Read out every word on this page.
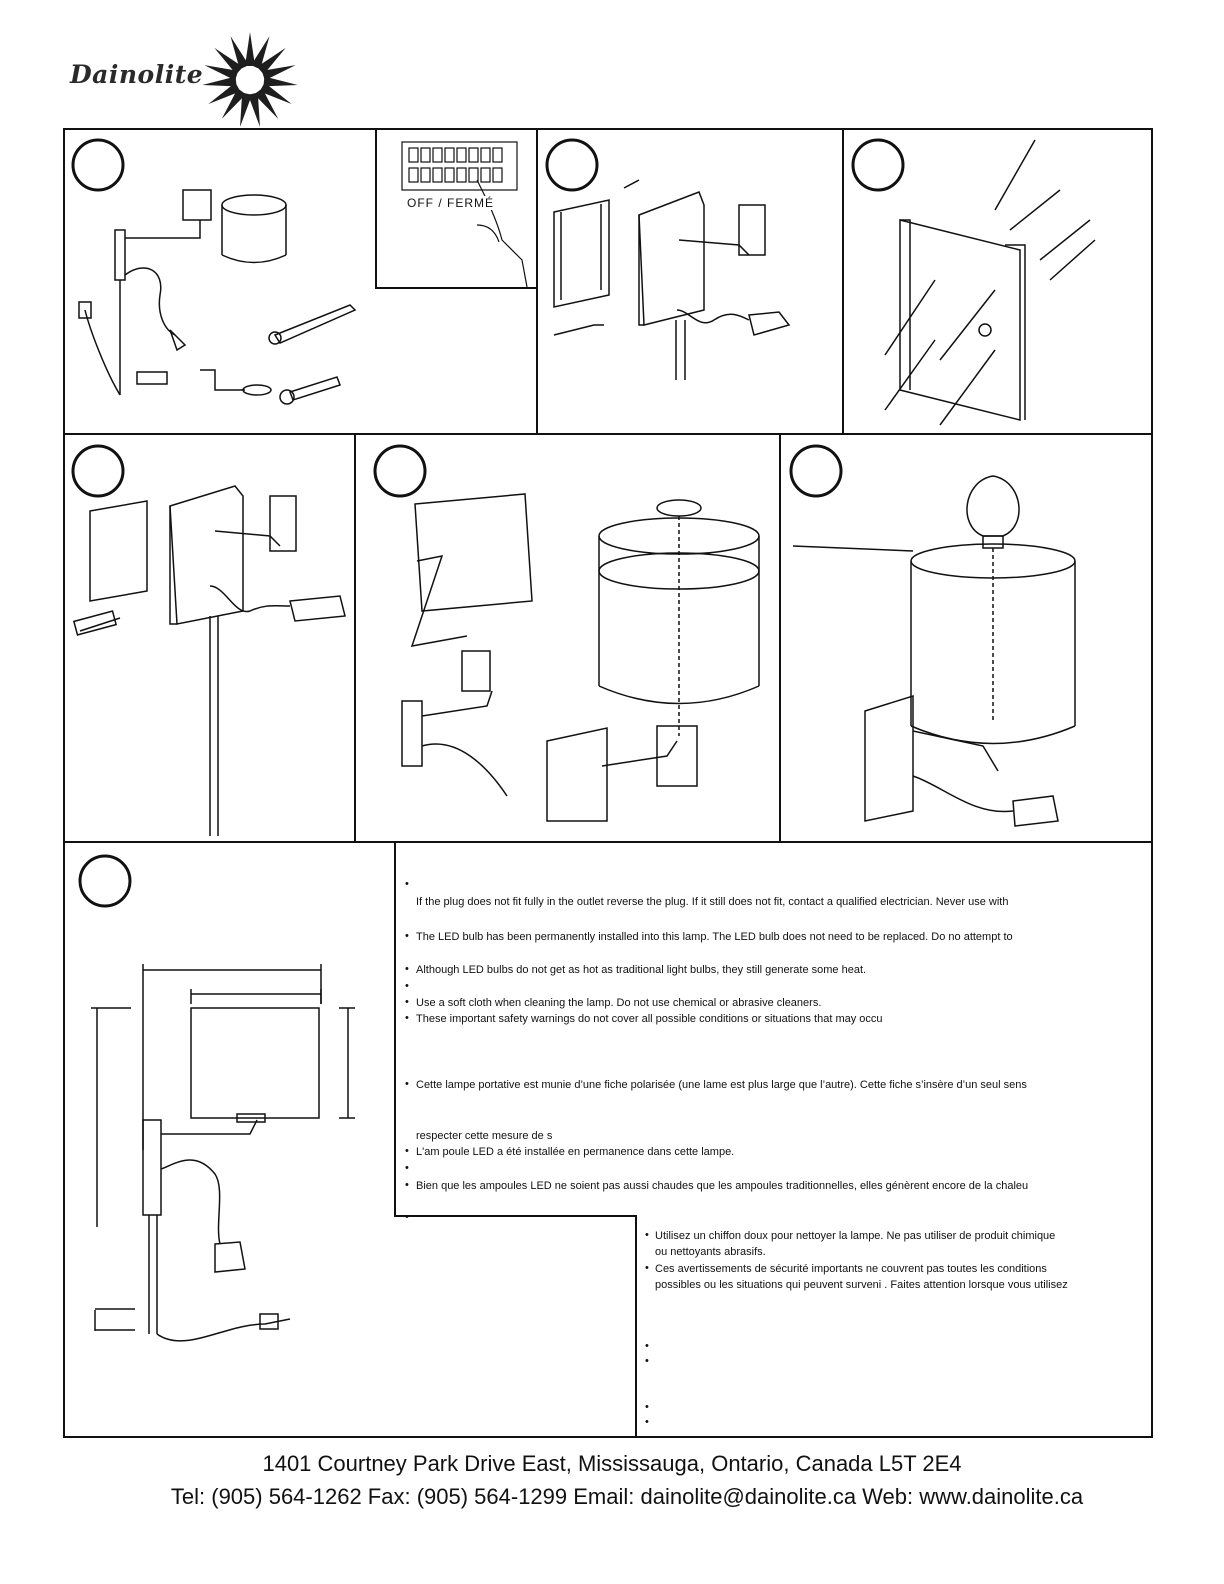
Dainolite
OFF / FERMÉ
•
If the plug does not fit fully in the outlet reverse the plug. If it still does not fit, contact a qualified electrician. Never use with
• The LED bulb has been permanently installed into this lamp. The LED bulb does not need to be replaced. Do no attempt to
• Although LED bulbs do not get as hot as traditional light bulbs, they still generate some heat.
•
• Use a soft cloth when cleaning the lamp. Do not use chemical or abrasive cleaners.
• These important safety warnings do not cover all possible conditions or situations that may occu
• Cette lampe portative est munie d’une fiche polarisée (une lame est plus large que l’autre). Cette fiche s’insère d’un seul sens
respecter cette mesure de s
• L'am poule LED a été installée en permanence dans cette lampe.
•
• Bien que les ampoules LED ne soient pas aussi chaudes que les ampoules traditionnelles, elles génèrent encore de la chaleu
•
• Utilisez un chiffon doux pour nettoyer la lampe. Ne pas utiliser de produit chimique
ou nettoyants abrasifs.
• Ces avertissements de sécurité importants ne couvrent pas toutes les conditions
possibles ou les situations qui peuvent surveni . Faites attention lorsque vous utilisez
•
•
•
•
1401 Courtney Park Drive East, Mississauga, Ontario, Canada L5T 2E4
Tel: (905) 564-1262 Fax: (905) 564-1299 Email: dainolite@dainolite.ca Web: www.dainolite.ca
